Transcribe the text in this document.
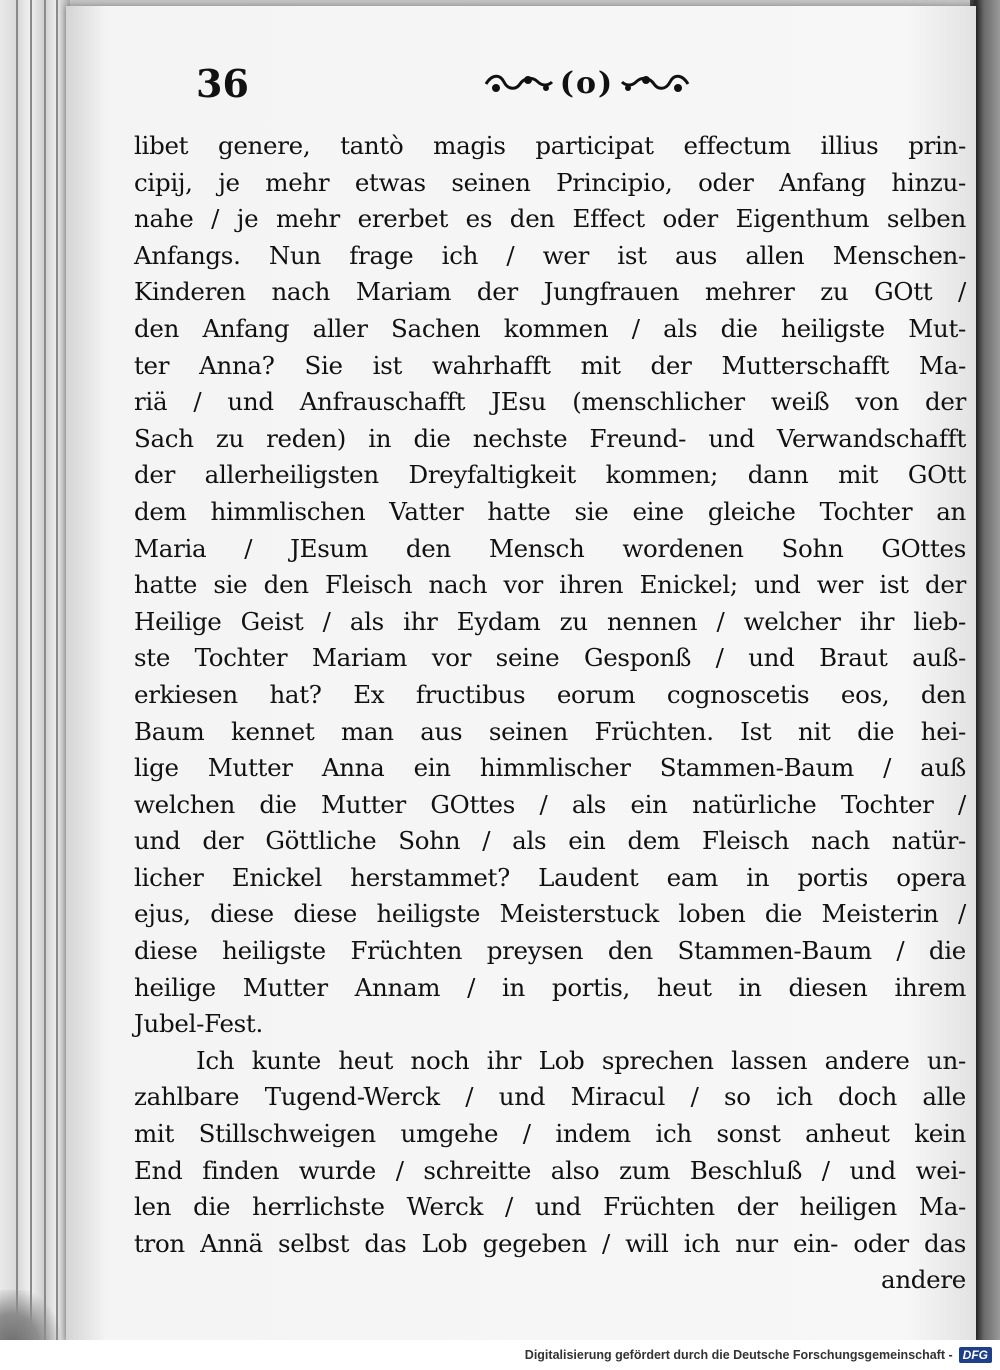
36	(o)
libet genere, tantò magis participat effectum illius prin-
cipij, je mehr etwas seinen Principio, oder Anfang hinzu-
nahe / je mehr ererbet es den Effect oder Eigenthum selben
Anfangs. Nun frage ich / wer ist aus allen Menschen-
Kinderen nach Mariam der Jungfrauen mehrer zu GOtt /
den Anfang aller Sachen kommen / als die heiligste Mut-
ter Anna? Sie ist wahrhafft mit der Mutterschafft Ma-
riä / und Anfrauschafft JEsu (menschlicher weiß von der
Sach zu reden) in die nechste Freund- und Verwandschafft
der allerheiligsten Dreyfaltigkeit kommen; dann mit GOtt
dem himmlischen Vatter hatte sie eine gleiche Tochter an
Maria / JEsum den Mensch wordenen Sohn GOttes
hatte sie den Fleisch nach vor ihren Enickel; und wer ist der
Heilige Geist / als ihr Eydam zu nennen / welcher ihr lieb-
ste Tochter Mariam vor seine Gesponß / und Braut auß-
erkiesen hat? Ex fructibus eorum cognoscetis eos, den
Baum kennet man aus seinen Früchten. Ist nit die hei-
lige Mutter Anna ein himmlischer Stammen-Baum / auß
welchen die Mutter GOttes / als ein natürliche Tochter /
und der Göttliche Sohn / als ein dem Fleisch nach natür-
licher Enickel herstammet? Laudent eam in portis opera
ejus, diese diese heiligste Meisterstuck loben die Meisterin /
diese heiligste Früchten preysen den Stammen-Baum / die
heilige Mutter Annam / in portis, heut in diesen ihrem
Jubel-Fest.
Ich kunte heut noch ihr Lob sprechen lassen andere un-
zahlbare Tugend-Werck / und Miracul / so ich doch alle
mit Stillschweigen umgehe / indem ich sonst anheut kein
End finden wurde / schreitte also zum Beschluß / und wei-
len die herrlichste Werck / und Früchten der heiligen Ma-
tron Annä selbst das Lob gegeben / will ich nur ein- oder das
andere
Digitalisierung gefördert durch die Deutsche Forschungsgemeinschaft - DFG
